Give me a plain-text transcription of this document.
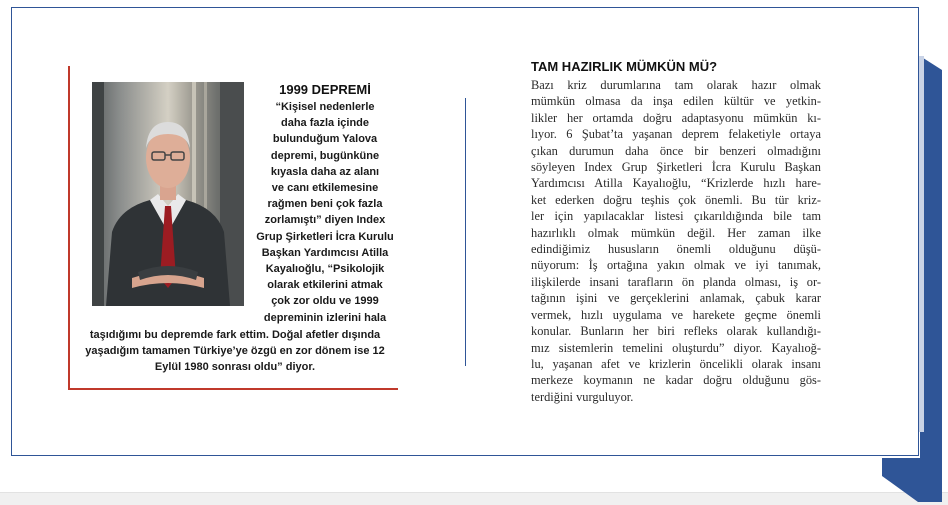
1999 DEPREMİ
“Kişisel nedenlerle
daha fazla içinde
bulunduğum Yalova
depremi, bugünküne
kıyasla daha az alanı
ve canı etkilemesine
rağmen beni çok fazla
zorlamıştı” diyen Index
Grup Şirketleri İcra Kurulu
Başkan Yardımcısı Atilla
Kayalıoğlu, “Psikolojik
olarak etkilerini atmak
çok zor oldu ve 1999
depreminin izlerini hala
taşıdığımı bu depremde fark ettim. Doğal afetler dışında
yaşadığım tamamen Türkiye’ye özgü en zor dönem ise 12
Eylül 1980 sonrası oldu” diyor.
TAM HAZIRLIK MÜMKÜN MÜ?
Bazı kriz durumlarına tam olarak hazır olmak
mümkün olmasa da inşa edilen kültür ve yetkin-
likler her ortamda doğru adaptasyonu mümkün kı-
lıyor. 6 Şubat’ta yaşanan deprem felaketiyle ortaya
çıkan durumun daha önce bir benzeri olmadığını
söyleyen Index Grup Şirketleri İcra Kurulu Başkan
Yardımcısı Atilla Kayalıoğlu, “Krizlerde hızlı hare-
ket ederken doğru teşhis çok önemli. Bu tür kriz-
ler için yapılacaklar listesi çıkarıldığında bile tam
hazırlıklı olmak mümkün değil. Her zaman ilke
edindiğimiz hususların önemli olduğunu düşü-
nüyorum: İş ortağına yakın olmak ve iyi tanımak,
ilişkilerde insani tarafların ön planda olması, iş or-
tağının işini ve gerçeklerini anlamak, çabuk karar
vermek, hızlı uygulama ve harekete geçme önemli
konular. Bunların her biri refleks olarak kullandığı-
mız sistemlerin temelini oluşturdu” diyor. Kayalıoğ-
lu, yaşanan afet ve krizlerin öncelikli olarak insanı
merkeze koymanın ne kadar doğru olduğunu gös-
terdiğini vurguluyor.
